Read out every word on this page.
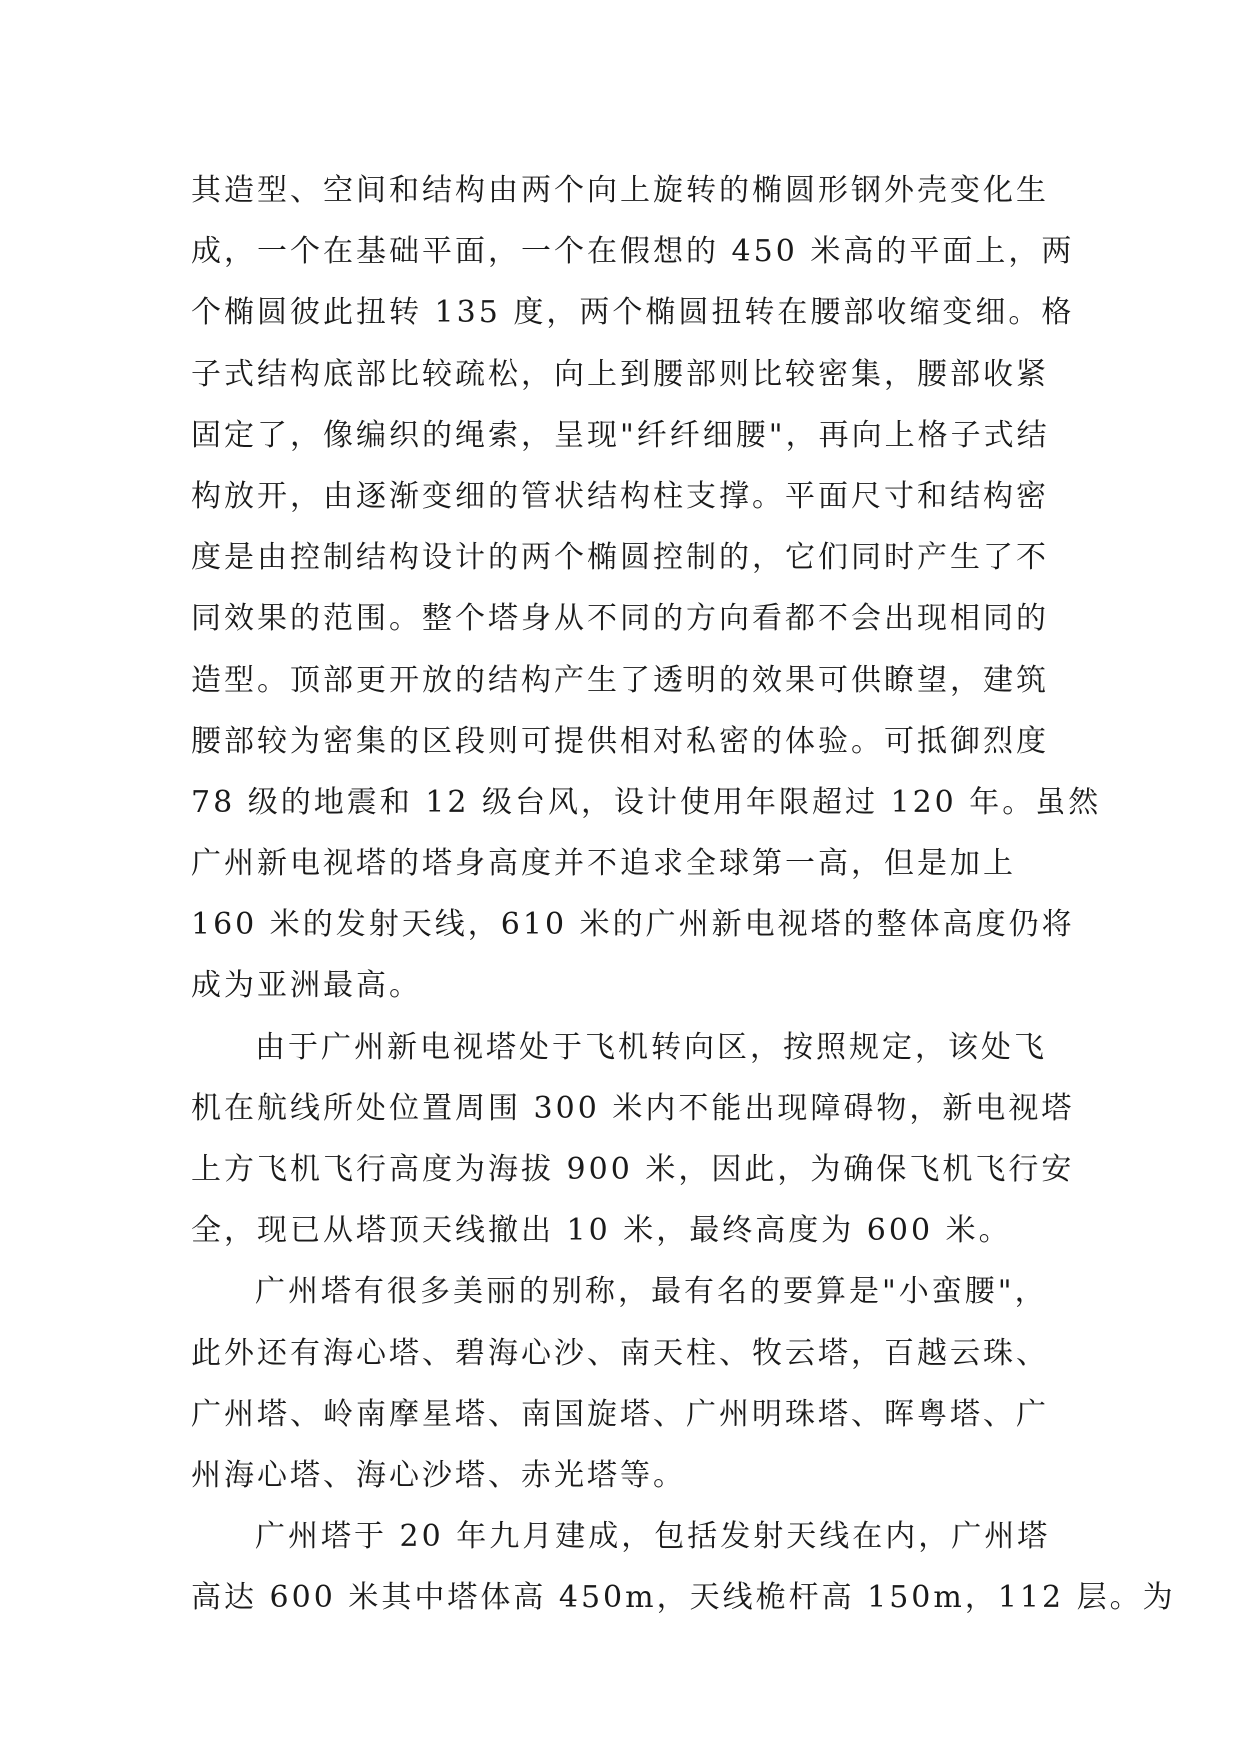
其造型、空间和结构由两个向上旋转的椭圆形钢外壳变化生
成，一个在基础平面，一个在假想的 450 米高的平面上，两
个椭圆彼此扭转 135 度，两个椭圆扭转在腰部收缩变细。格
子式结构底部比较疏松，向上到腰部则比较密集，腰部收紧
固定了，像编织的绳索，呈现"纤纤细腰"，再向上格子式结
构放开，由逐渐变细的管状结构柱支撑。平面尺寸和结构密
度是由控制结构设计的两个椭圆控制的，它们同时产生了不
同效果的范围。整个塔身从不同的方向看都不会出现相同的
造型。顶部更开放的结构产生了透明的效果可供瞭望，建筑
腰部较为密集的区段则可提供相对私密的体验。可抵御烈度
78 级的地震和 12 级台风，设计使用年限超过 120 年。虽然
广州新电视塔的塔身高度并不追求全球第一高，但是加上
160 米的发射天线，610 米的广州新电视塔的整体高度仍将
成为亚洲最高。
由于广州新电视塔处于飞机转向区，按照规定，该处飞
机在航线所处位置周围 300 米内不能出现障碍物，新电视塔
上方飞机飞行高度为海拔 900 米，因此，为确保飞机飞行安
全，现已从塔顶天线撤出 10 米，最终高度为 600 米。
广州塔有很多美丽的别称，最有名的要算是"小蛮腰"，
此外还有海心塔、碧海心沙、南天柱、牧云塔，百越云珠、
广州塔、岭南摩星塔、南国旋塔、广州明珠塔、晖粤塔、广
州海心塔、海心沙塔、赤光塔等。
广州塔于 20 年九月建成，包括发射天线在内，广州塔
高达 600 米其中塔体高 450m，天线桅杆高 150m，112 层。为
